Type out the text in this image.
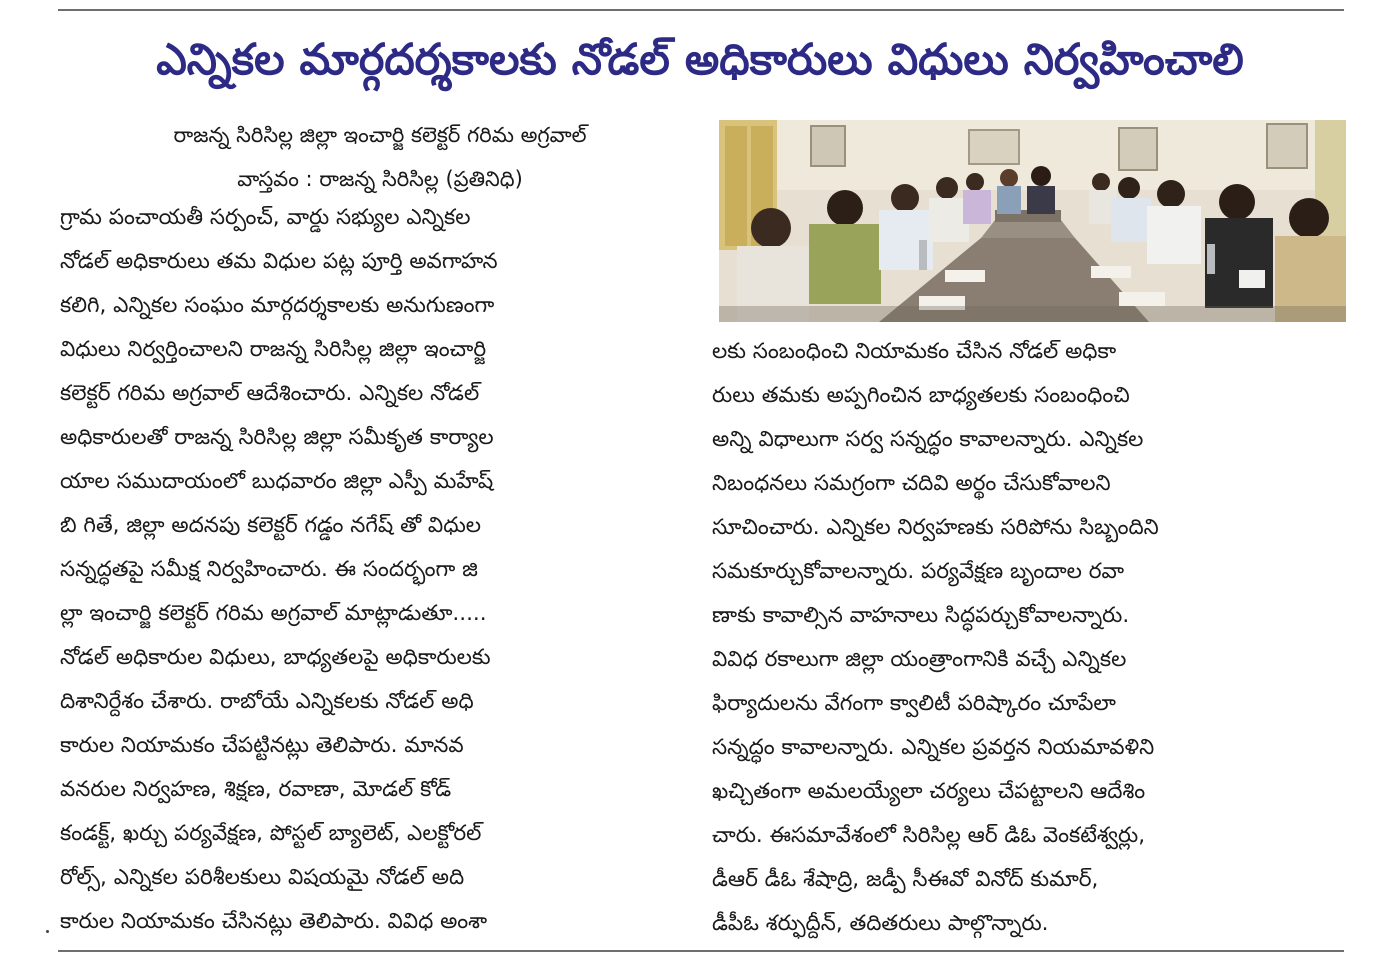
ఎన్నికల మార్గదర్శకాలకు నోడల్ అధికారులు విధులు నిర్వహించాలి
రాజన్న సిరిసిల్ల జిల్లా ఇంచార్జి కలెక్టర్ గరిమ అగ్రవాల్
వాస్తవం : రాజన్న సిరిసిల్ల (ప్రతినిధి)
గ్రామ పంచాయతీ సర్పంచ్, వార్డు సభ్యుల ఎన్నికల
నోడల్ అధికారులు తమ విధుల పట్ల పూర్తి అవగాహన
కలిగి, ఎన్నికల సంఘం మార్గదర్శకాలకు అనుగుణంగా
విధులు నిర్వర్తించాలని రాజన్న సిరిసిల్ల జిల్లా ఇంచార్జి
కలెక్టర్ గరిమ అగ్రవాల్ ఆదేశించారు. ఎన్నికల నోడల్
అధికారులతో రాజన్న సిరిసిల్ల జిల్లా సమీకృత కార్యాల
యాల సముదాయంలో బుధవారం జిల్లా ఎస్పీ మహేష్
బి గితే, జిల్లా అదనపు కలెక్టర్ గడ్డం నగేష్ తో విధుల
సన్నద్ధతపై సమీక్ష నిర్వహించారు. ఈ సందర్భంగా జి
ల్లా ఇంచార్జి కలెక్టర్ గరిమ అగ్రవాల్ మాట్లాడుతూ.....
నోడల్ అధికారుల విధులు, బాధ్యతలపై అధికారులకు
దిశానిర్దేశం చేశారు. రాబోయే ఎన్నికలకు నోడల్ అధి
కారుల నియామకం చేపట్టినట్లు తెలిపారు. మానవ
వనరుల నిర్వహణ, శిక్షణ, రవాణా, మోడల్ కోడ్
కండక్ట్, ఖర్చు పర్యవేక్షణ, పోస్టల్ బ్యాలెట్, ఎలక్టోరల్
రోల్స్, ఎన్నికల పరిశీలకులు విషయమై నోడల్ అది
కారుల నియామకం చేసినట్లు తెలిపారు. వివిధ అంశా
లకు సంబంధించి నియామకం చేసిన నోడల్ అధికా
రులు తమకు అప్పగించిన బాధ్యతలకు సంబంధించి
అన్ని విధాలుగా సర్వ సన్నద్ధం కావాలన్నారు. ఎన్నికల
నిబంధనలు సమగ్రంగా చదివి అర్థం చేసుకోవాలని
సూచించారు. ఎన్నికల నిర్వహణకు సరిపోను సిబ్బందిని
సమకూర్చుకోవాలన్నారు. పర్యవేక్షణ బృందాల రవా
ణాకు కావాల్సిన వాహనాలు సిద్ధపర్చుకోవాలన్నారు.
వివిధ రకాలుగా జిల్లా యంత్రాంగానికి వచ్చే ఎన్నికల
ఫిర్యాదులను వేగంగా క్వాలిటీ పరిష్కారం చూపేలా
సన్నద్ధం కావాలన్నారు. ఎన్నికల ప్రవర్తన నియమావళిని
ఖచ్చితంగా అమలయ్యేలా చర్యలు చేపట్టాలని ఆదేశిం
చారు. ఈసమావేశంలో సిరిసిల్ల ఆర్ డిఓ వెంకటేశ్వర్లు,
డీఆర్ డీఓ శేషాద్రి, జడ్పీ సీఈవో వినోద్ కుమార్,
డీపీఓ శర్ఫుద్దీన్, తదితరులు పాల్గొన్నారు.
